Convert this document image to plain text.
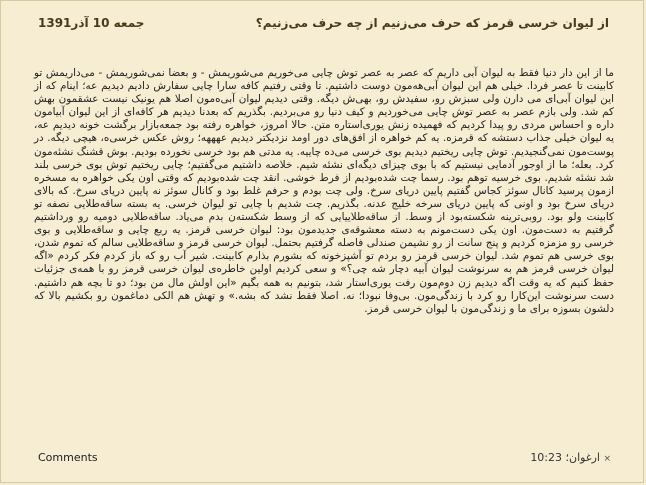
از لیوان خرسی قرمز که حرف می‌زنیم از چه حرف می‌زنیم؟
جمعه 10 آذر1391
ما از این دار دنیا فقط به لیوان آبی داریم که عصر به عصر توش چایی می‌خوریم می‌شوریمش - و بعضا نمی‌شوریمش - می‌داریمش تو کابینت تا عصر فردا. خیلی هم این لیوان آبی‌هه‌مون دوست داشتیم. تا وقتی رفتیم کافه سارا چایی سفارش دادیم دیدیم عه؛ اینام که از این لیوان آبی‌ای می‌ دارن ولی سبزش رو، سفیدش رو، بهی‌ش دیگه. وقتی دیدیم لیوان آبی‌ه‌مون اصلا هم یونیک نیست عشقمون بهش کم شد. ولی بازم عصر به عصر توش چایی می‌خوردیم و کیف دنیا رو می‌بردیم. بگذریم که بعدنا دیدیم هر کافه‌ای از این لیوان آبیامون داره و احساس مردی رو پیدا کردیم که فهمیده زنش یوری‌استاره متن. حالا امروز، خواهره رفته بود جمعه‌بازار برگشت خونه دیدیم عه، یه لیوان خیلی جذاب دستشه که قرمزه. یه کم خواهره از افق‌های دور اومد نزدیکتر دیدیم عهههه؛ روش عکس خرسی‌ه، هیچی دیگه. در پوست‌مون نمی‌گنجیدیم. توش چایی ریختیم دیدیم بوی خرسی می‌ده چاییه. یه مدتی هم بود خرسی نخورده بودیم. بوش قشنگ نشئه‌مون کرد. بعله؛ ما از اوجور آدمایی نیستیم که با بوی چیزای دیگه‌ای نشئه شیم. خلاصه داشتیم می‌گفتیم؛ چایی ریختیم توش بوی خرسی بلند شد نشئه شدیم. بوی خرسیه توهم بود. رسما چت شده‌بودیم از فرط خوشی. انقد چت شده‌بودیم که وقتی اون یکی خواهره به مسخره ازمون پرسید کانال سوئز کجاس گفتیم پایین دریای سرخ. ولی چت بودم و حرفم غلط بود و کانال سوئز نه پایین دریای سرخ. که بالای دریای سرخ بود و اونی که پایین دریای سرخه خلیج عدنه. بگذریم. چت شدیم با چایی تو لیوان خرسی. یه بسته ساقه‌طلایی نصفه تو کابینت ولو بود. روبی‌ترینه شکسته‌بود از وسط. از ساقه‌طلاییایی که از وسط شکسته‌ن بدم می‌یاد. ساقه‌طلایی دومیه رو ورداشتیم گرفتیم به دست‌مون. اون یکی دست‌مونم به دسته معشوقه‌ی جدیدمون بود: لیوان خرسی قرمز. یه ربع چایی و ساقه‌طلایی و بوی خرسی رو مزمزه کردیم و پنج سانت از رو نشیمن صندلی فاصله گرفتیم بحتمل. لیوان خرسی قرمز و ساقه‌طلایی سالم که تموم شدن، بوی خرسی هم تموم شد. لیوان خرسی قرمز رو بردم تو آشپزخونه که بشورم بذارم کابینت. شیر آب رو که باز کردم فکر کردم «اگه لیوان خرسی قرمز هم به سرنوشت لیوان آبیه دچار شه چی؟» و سعی کردیم اولین خاطره‌ی لیوان خرسی قرمز رو با همه‌ی جزئیات حفظ کنیم که یه وقت اگه دیدیم زن دوم‌مون رفت یوری‌استار شد، بتونیم به همه بگیم «این اولش مال من بود؛ دو تا بچه هم داشتیم. دست سرنوشت این‌کارا رو کرد با زندگی‌مون. بی‌وفا نبودا؛ نه. اصلا فقط نشد که بشه.» و تهش هم الکی دماغمون رو بکشیم بالا که دلشون بسوزه برای ما و زندگی‌مون با لیوان خرسی قرمز.
Comments	× ارغوان؛ 10:23
